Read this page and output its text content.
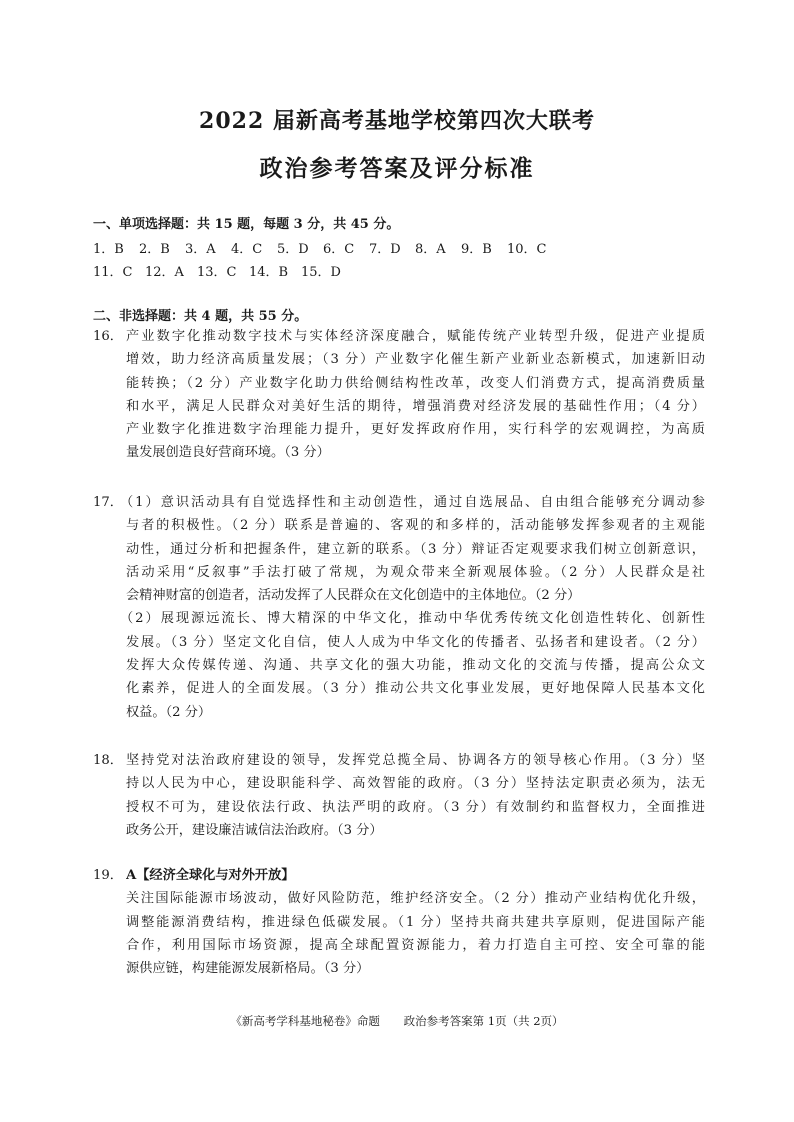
2022 届新高考基地学校第四次大联考
政治参考答案及评分标准
一、单项选择题：共 15 题，每题 3 分，共 45 分。
1．B	2．B	3．A	4．C	5．D	6．C	7．D	8．A	9．B	10．C
11．C 12．A	13．C 14．B 15．D
二、非选择题：共 4 题，共 55 分。
16． 产业数字化推动数字技术与实体经济深度融合，赋能传统产业转型升级，促进产业提质
增效，助力经济高质量发展；（3 分）产业数字化催生新产业新业态新模式，加速新旧动
能转换；（2 分）产业数字化助力供给侧结构性改革，改变人们消费方式，提高消费质量
和水平，满足人民群众对美好生活的期待，增强消费对经济发展的基础性作用；（4 分）
产业数字化推进数字治理能力提升，更好发挥政府作用，实行科学的宏观调控，为高质
量发展创造良好营商环境。（3 分）
17．
（1）意识活动具有自觉选择性和主动创造性，通过自选展品、自由组合能够充分调动参
与者的积极性。（2 分）联系是普遍的、客观的和多样的，活动能够发挥参观者的主观能
动性，通过分析和把握条件，建立新的联系。（3 分）辩证否定观要求我们树立创新意识，
活动采用“反叙事”手法打破了常规，为观众带来全新观展体验。（2 分）人民群众是社
会精神财富的创造者，活动发挥了人民群众在文化创造中的主体地位。（2 分）
（2）展现源远流长、博大精深的中华文化，推动中华优秀传统文化创造性转化、创新性
发展。（3 分）坚定文化自信，使人人成为中华文化的传播者、弘扬者和建设者。（2 分）
发挥大众传媒传递、沟通、共享文化的强大功能，推动文化的交流与传播，提高公众文
化素养，促进人的全面发展。（3 分）推动公共文化事业发展，更好地保障人民基本文化
权益。（2 分）
18． 坚持党对法治政府建设的领导，发挥党总揽全局、协调各方的领导核心作用。（3 分）坚
持以人民为中心，建设职能科学、高效智能的政府。（3 分）坚持法定职责必须为，法无
授权不可为，建设依法行政、执法严明的政府。（3 分）有效制约和监督权力，全面推进
政务公开，建设廉洁诚信法治政府。（3 分）
19． A【经济全球化与对外开放】
关注国际能源市场波动，做好风险防范，维护经济安全。（2 分）推动产业结构优化升级，
调整能源消费结构，推进绿色低碳发展。（1 分）坚持共商共建共享原则，促进国际产能
合作，利用国际市场资源，提高全球配置资源能力，着力打造自主可控、安全可靠的能
源供应链，构建能源发展新格局。（3 分）
《新高考学科基地秘卷》命题 政治参考答案第 1页（共 2页）
